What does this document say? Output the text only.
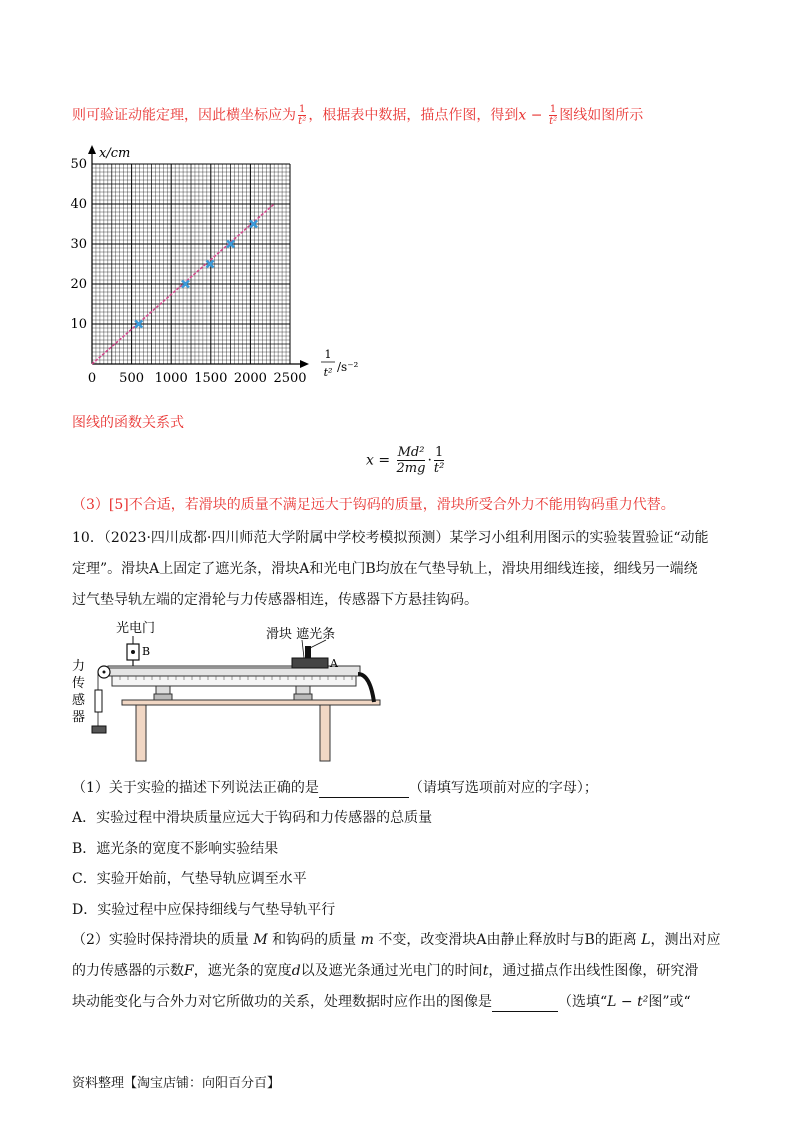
则可验证动能定理，因此横坐标应为 $\frac{1}{\text{t²}}$ ，根据表中数据，描点作图，得到$x - \frac{1}{\text{t²}}$ 图线如图所示
0 500 1000 1500 2000 2500
10
20
30
40
50
x/cm
1
t² /s⁻²
图线的函数关系式
$x = \frac{\text{Md²}}{2mg} \cdot \frac{1}{\text{t²}}$
（3）[5]不合适，若滑块的质量不满足远大于钩码的质量，滑块所受合外力不能用钩码重力代替。
10．（2023·四川成都·四川师范大学附属中学校考模拟预测）某学习小组利用图示的实验装置验证“动能
定理”。滑块A上固定了遮光条，滑块A和光电门B均放在气垫导轨上，滑块用细线连接，细线另一端绕
过气垫导轨左端的定滑轮与力传感器相连，传感器下方悬挂钩码。
光电门
B
滑块 遮光条
A
力
传
感
器
（1）关于实验的描述下列说法正确的是	（请填写选项前对应的字母）；
A．实验过程中滑块质量应远大于钩码和力传感器的总质量
B．遮光条的宽度不影响实验结果
C．实验开始前，气垫导轨应调至水平
D．实验过程中应保持细线与气垫导轨平行
（2）实验时保持滑块的质量 M 和钩码的质量 m 不变，改变滑块A由静止释放时与B的距离 L，测出对应
的力传感器的示数F，遮光条的宽度d以及遮光条通过光电门的时间t，通过描点作出线性图像，研究滑
块动能变化与合外力对它所做功的关系，处理数据时应作出的图像是	（选填“L − t²图”或“
资料整理【淘宝店铺：向阳百分百】
